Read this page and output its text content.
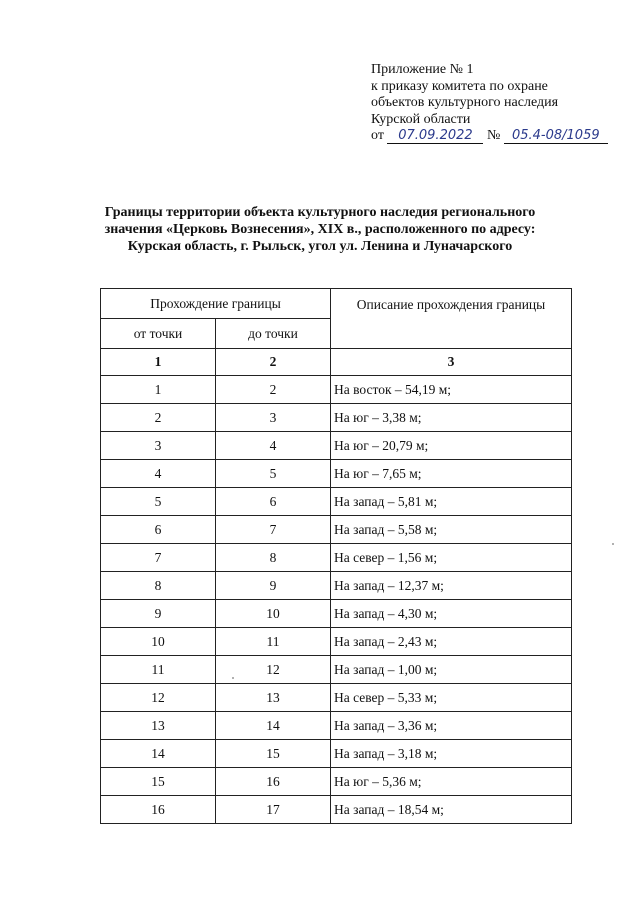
Приложение № 1
к приказу комитета по охране
объектов культурного наследия
Курской области
от 07.09.2022 № 05.4-08/1059
Границы территории объекта культурного наследия регионального
значения «Церковь Вознесения», XIX в., расположенного по адресу:
Курская область, г. Рыльск, угол ул. Ленина и Луначарского
Прохождение границы		Описание прохождения границы
от точки	до точки	
1	2	3
1	2	На восток – 54,19 м;
2	3	На юг – 3,38 м;
3	4	На юг – 20,79 м;
4	5	На юг – 7,65 м;
5	6	На запад – 5,81 м;
6	7	На запад – 5,58 м;
7	8	На север – 1,56 м;
8	9	На запад – 12,37 м;
9	10	На запад – 4,30 м;
10	11	На запад – 2,43 м;
11	12	На запад – 1,00 м;
12	13	На север – 5,33 м;
13	14	На запад – 3,36 м;
14	15	На запад – 3,18 м;
15	16	На юг – 5,36 м;
16	17	На запад – 18,54 м;
